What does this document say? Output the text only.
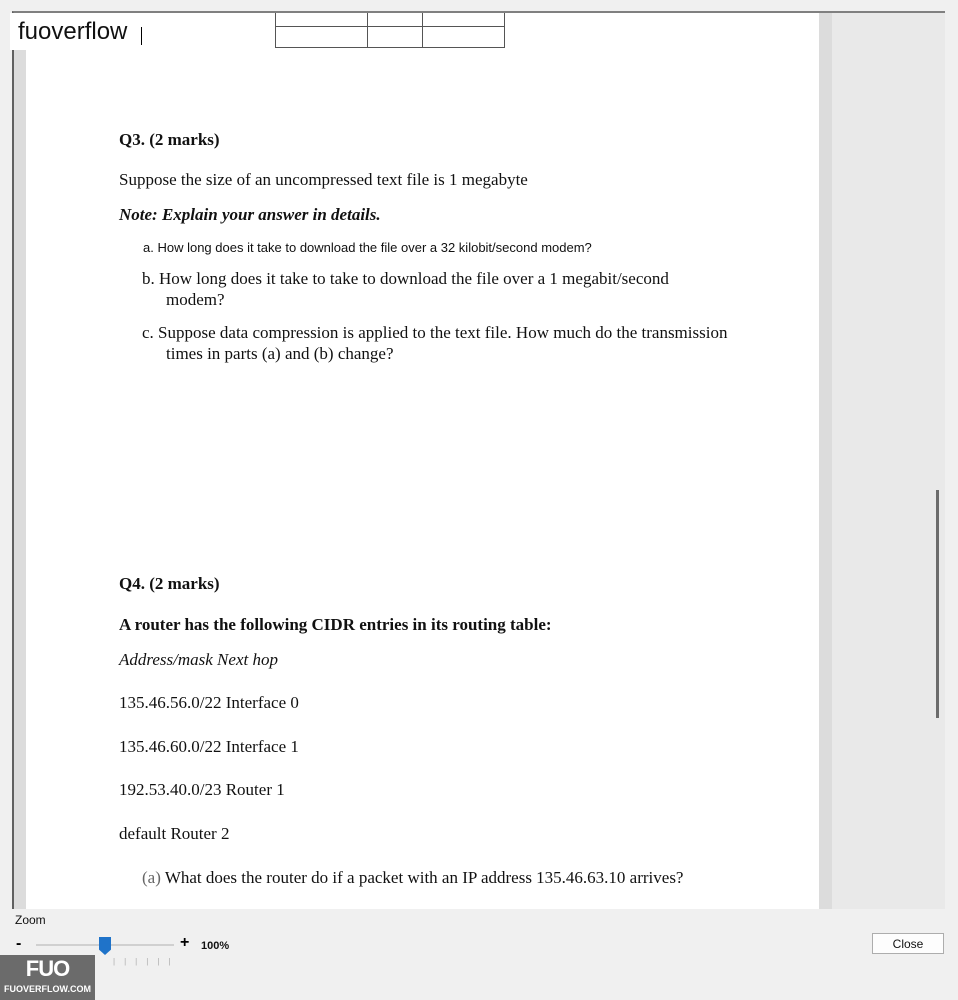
Q3. (2 marks)
Suppose the size of an uncompressed text file is 1 megabyte
Note: Explain your answer in details.
a. How long does it take to download the file over a 32 kilobit/second modem?
b. How long does it take to take to download the file over a 1 megabit/second
modem?
c. Suppose data compression is applied to the text file. How much do the transmission
times in parts (a) and (b) change?
Q4. (2 marks)
A router has the following CIDR entries in its routing table:
Address/mask Next hop
135.46.56.0/22 Interface 0
135.46.60.0/22 Interface 1
192.53.40.0/23 Router 1
default Router 2
(a) What does the router do if a packet with an IP address 135.46.63.10 arrives?
fuoverflow
Zoom
-
||||||
+ 100%	Close
FUO
FUOVERFLOW.COM
